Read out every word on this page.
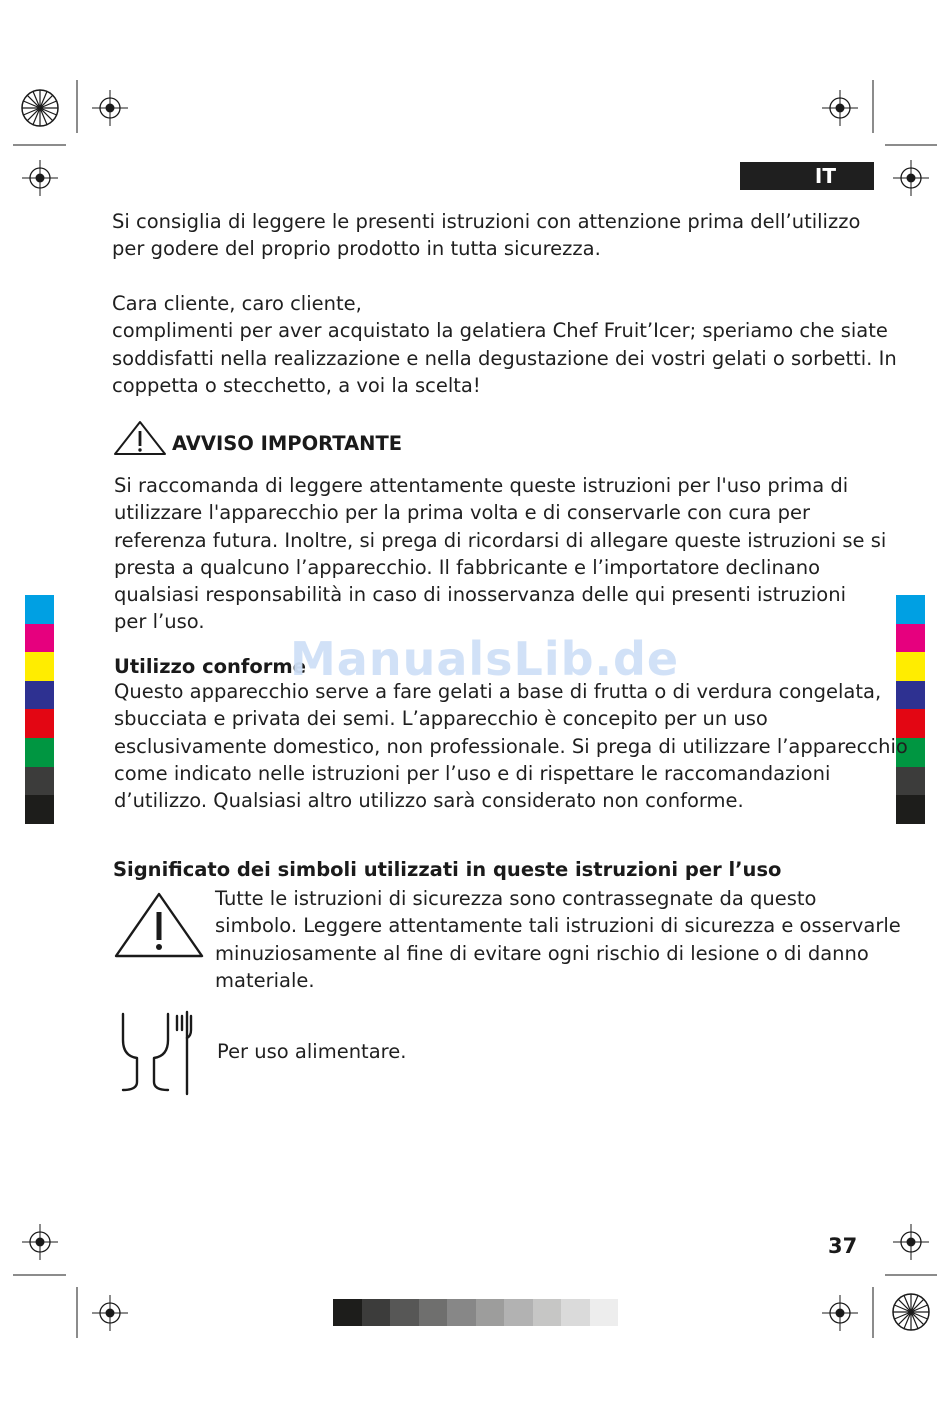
IT
Si consiglia di leggere le presenti istruzioni con attenzione prima dell’utilizzo
per godere del proprio prodotto in tutta sicurezza.
Cara cliente, caro cliente,
complimenti per aver acquistato la gelatiera Chef Fruit’Icer; speriamo che siate
soddisfatti nella realizzazione e nella degustazione dei vostri gelati o sorbetti. In
coppetta o stecchetto, a voi la scelta!
AVVISO IMPORTANTE
Si raccomanda di leggere attentamente queste istruzioni per l'uso prima di
utilizzare l'apparecchio per la prima volta e di conservarle con cura per
referenza futura. Inoltre, si prega di ricordarsi di allegare queste istruzioni se si
presta a qualcuno l’apparecchio. Il fabbricante e l’importatore declinano
qualsiasi responsabilità in caso di inosservanza delle qui presenti istruzioni
per l’uso.
Utilizzo conforme
ManualsLib.de
Questo apparecchio serve a fare gelati a base di frutta o di verdura congelata,
sbucciata e privata dei semi. L’apparecchio è concepito per un uso
esclusivamente domestico, non professionale. Si prega di utilizzare l’apparecchio
come indicato nelle istruzioni per l’uso e di rispettare le raccomandazioni
d’utilizzo. Qualsiasi altro utilizzo sarà considerato non conforme.
Significato dei simboli utilizzati in queste istruzioni per l’uso
Tutte le istruzioni di sicurezza sono contrassegnate da questo
simbolo. Leggere attentamente tali istruzioni di sicurezza e osservarle
minuziosamente al fine di evitare ogni rischio di lesione o di danno
materiale.
Per uso alimentare.
37
